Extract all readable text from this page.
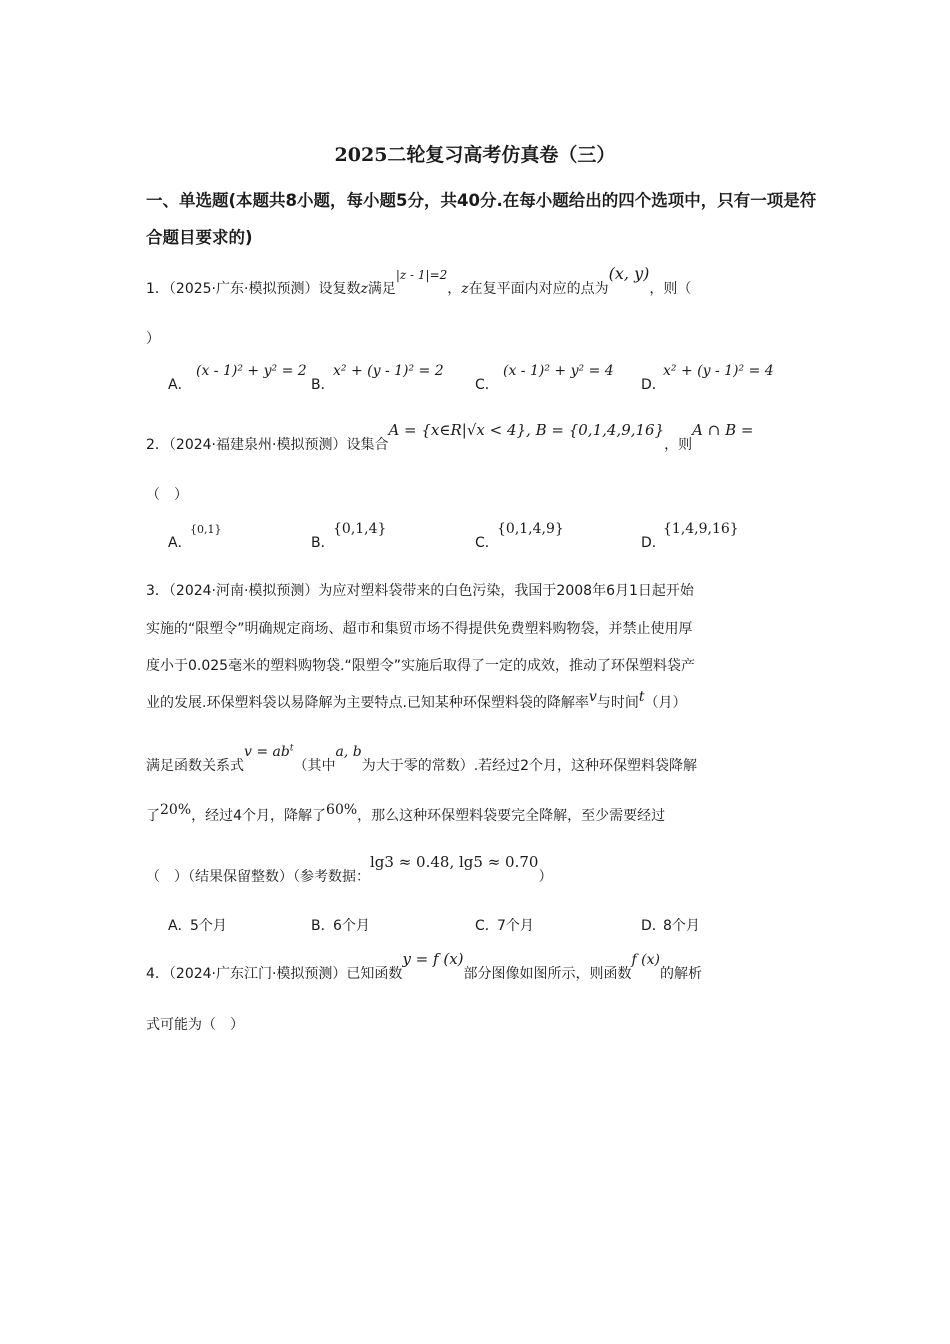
2025二轮复习高考仿真卷（三）
一、单选题(本题共8小题，每小题5分，共40分.在每小题给出的四个选项中，只有一项是符合题目要求的)
1．（2025·广东·模拟预测）设复数z满足|z - 1|=2，z在复平面内对应的点为(x, y)，则（
）
A．(x - 1)² + y² = 2
B．x² + (y - 1)² = 2
C．(x - 1)² + y² = 4
D．x² + (y - 1)² = 4
2．（2024·福建泉州·模拟预测）设集合A = {x∈R|√x < 4}, B = {0,1,4,9,16}，则A ∩ B =
（　）
A．$^{\{0,1\}}$
B．{0,1,4}
C．{0,1,4,9}
D．{1,4,9,16}
3．（2024·河南·模拟预测）为应对塑料袋带来的白色污染，我国于2008年6月1日起开始
实施的“限塑令”明确规定商场、超市和集贸市场不得提供免费塑料购物袋，并禁止使用厚
度小于0.025毫米的塑料购物袋.“限塑令”实施后取得了一定的成效，推动了环保塑料袋产
业的发展.环保塑料袋以易降解为主要特点.已知某种环保塑料袋的降解率v与时间t（月）
满足函数关系式$v = ab^t$（其中a, b为大于零的常数）.若经过2个月，这种环保塑料袋降解
了20%，经过4个月，降解了60%，那么这种环保塑料袋要完全降解，至少需要经过
（　）（结果保留整数）（参考数据：lg3 ≈ 0.48, lg5 ≈ 0.70）
A．5个月	B．6个月	C．7个月	D．8个月
4．（2024·广东江门·模拟预测）已知函数y = f (x)部分图像如图所示，则函数f (x)的解析
式可能为（　）
